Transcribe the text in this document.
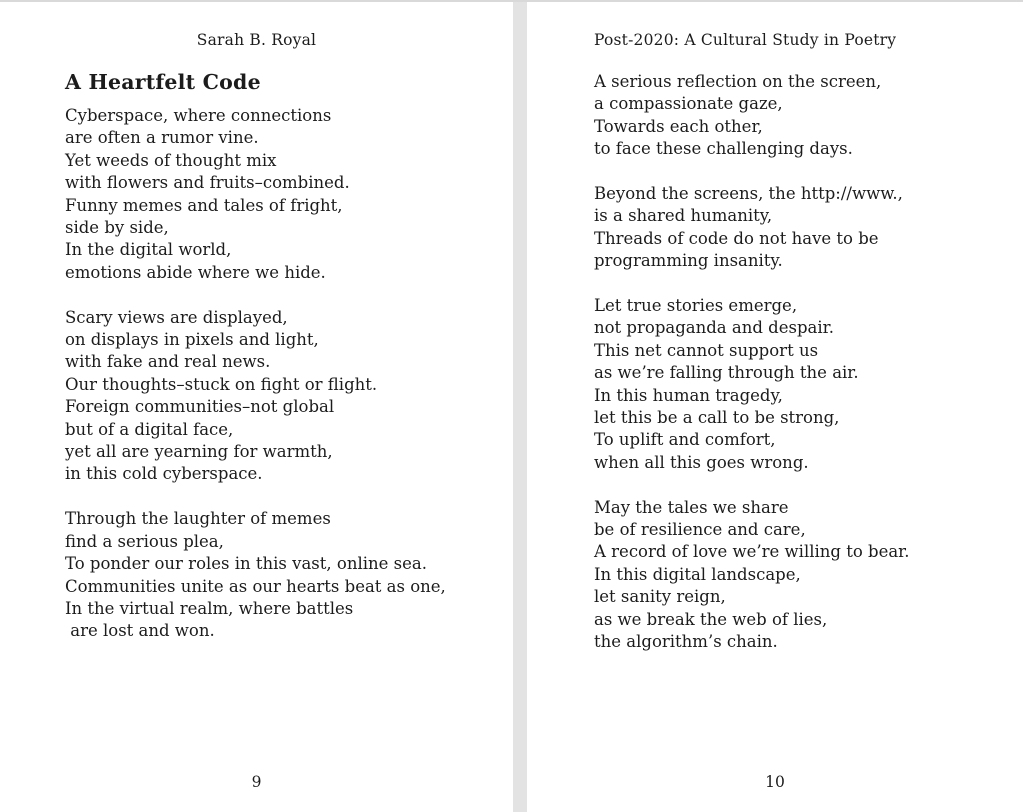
Sarah B. Royal
A Heartfelt Code
Cyberspace, where connections
are often a rumor vine.
Yet weeds of thought mix
with flowers and fruits–combined.
Funny memes and tales of fright,
side by side,
In the digital world,
emotions abide where we hide.
Scary views are displayed,
on displays in pixels and light,
with fake and real news.
Our thoughts–stuck on fight or flight.
Foreign communities–not global
but of a digital face,
yet all are yearning for warmth,
in this cold cyberspace.
Through the laughter of memes
find a serious plea,
To ponder our roles in this vast, online sea.
Communities unite as our hearts beat as one,
In the virtual realm, where battles
are lost and won.
9
Post-2020: A Cultural Study in Poetry
A serious reflection on the screen,
a compassionate gaze,
Towards each other,
to face these challenging days.
Beyond the screens, the http://www.,
is a shared humanity,
Threads of code do not have to be
programming insanity.
Let true stories emerge,
not propaganda and despair.
This net cannot support us
as we’re falling through the air.
In this human tragedy,
let this be a call to be strong,
To uplift and comfort,
when all this goes wrong.
May the tales we share
be of resilience and care,
A record of love we’re willing to bear.
In this digital landscape,
let sanity reign,
as we break the web of lies,
the algorithm’s chain.
10
